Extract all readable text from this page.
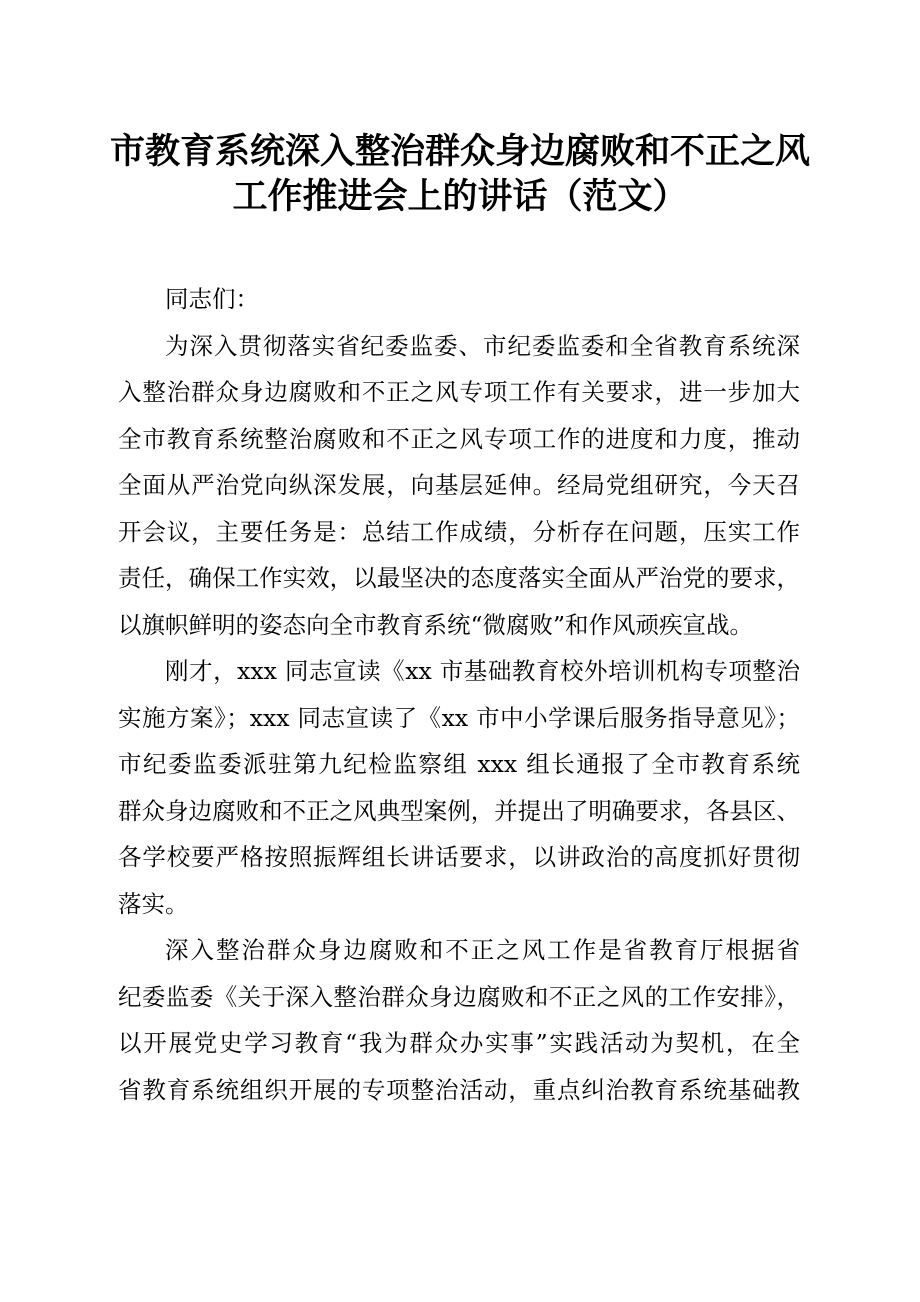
市教育系统深入整治群众身边腐败和不正之风
工作推进会上的讲话（范文）
同志们：
为深入贯彻落实省纪委监委、市纪委监委和全省教育系统深
入整治群众身边腐败和不正之风专项工作有关要求，进一步加大
全市教育系统整治腐败和不正之风专项工作的进度和力度，推动
全面从严治党向纵深发展，向基层延伸。经局党组研究，今天召
开会议，主要任务是：总结工作成绩，分析存在问题，压实工作
责任，确保工作实效，以最坚决的态度落实全面从严治党的要求，
以旗帜鲜明的姿态向全市教育系统“微腐败”和作风顽疾宣战。
刚才，xxx 同志宣读《xx 市基础教育校外培训机构专项整治
实施方案》；xxx 同志宣读了《xx 市中小学课后服务指导意见》；
市纪委监委派驻第九纪检监察组 xxx 组长通报了全市教育系统
群众身边腐败和不正之风典型案例，并提出了明确要求，各县区、
各学校要严格按照振辉组长讲话要求，以讲政治的高度抓好贯彻
落实。
深入整治群众身边腐败和不正之风工作是省教育厅根据省
纪委监委《关于深入整治群众身边腐败和不正之风的工作安排》，
以开展党史学习教育“我为群众办实事”实践活动为契机，在全
省教育系统组织开展的专项整治活动，重点纠治教育系统基础教
